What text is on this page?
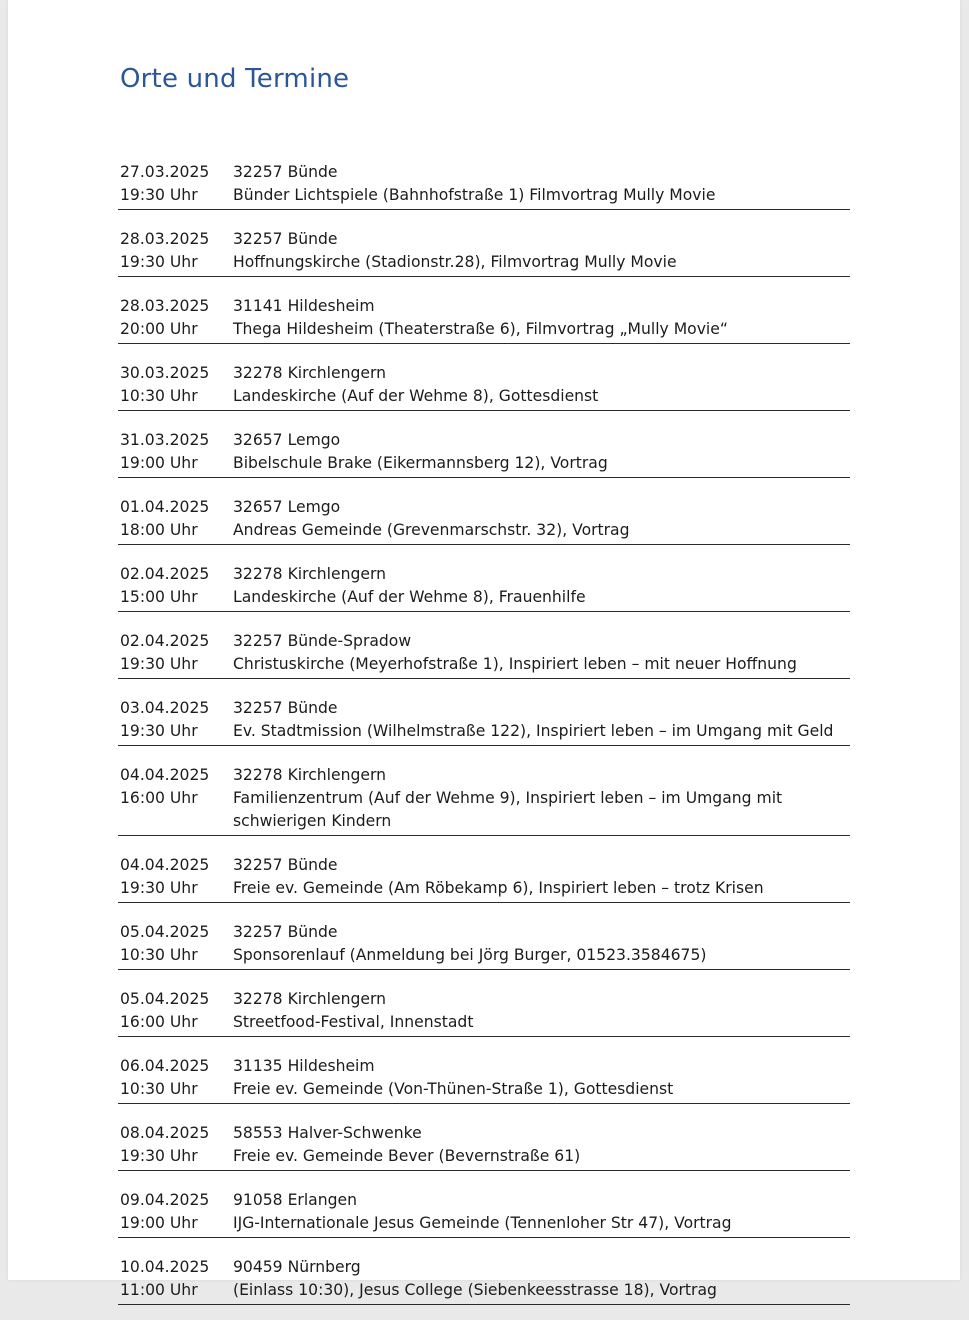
Orte und Termine
27.03.2025
19:30 Uhr
32257 Bünde
Bünder Lichtspiele (Bahnhofstraße 1) Filmvortrag Mully Movie
28.03.2025
19:30 Uhr
32257 Bünde
Hoffnungskirche (Stadionstr.28), Filmvortrag Mully Movie
28.03.2025
20:00 Uhr
31141 Hildesheim
Thega Hildesheim (Theaterstraße 6), Filmvortrag „Mully Movie“
30.03.2025
10:30 Uhr
32278 Kirchlengern
Landeskirche (Auf der Wehme 8), Gottesdienst
31.03.2025
19:00 Uhr
32657 Lemgo
Bibelschule Brake (Eikermannsberg 12), Vortrag
01.04.2025
18:00 Uhr
32657 Lemgo
Andreas Gemeinde (Grevenmarschstr. 32), Vortrag
02.04.2025
15:00 Uhr
32278 Kirchlengern
Landeskirche (Auf der Wehme 8), Frauenhilfe
02.04.2025
19:30 Uhr
32257 Bünde-Spradow
Christuskirche (Meyerhofstraße 1), Inspiriert leben – mit neuer Hoffnung
03.04.2025
19:30 Uhr
32257 Bünde
Ev. Stadtmission (Wilhelmstraße 122), Inspiriert leben – im Umgang mit Geld
04.04.2025
16:00 Uhr
32278 Kirchlengern
Familienzentrum (Auf der Wehme 9), Inspiriert leben – im Umgang mit schwierigen Kindern
04.04.2025
19:30 Uhr
32257 Bünde
Freie ev. Gemeinde (Am Röbekamp 6), Inspiriert leben – trotz Krisen
05.04.2025
10:30 Uhr
32257 Bünde
Sponsorenlauf (Anmeldung bei Jörg Burger, 01523.3584675)
05.04.2025
16:00 Uhr
32278 Kirchlengern
Streetfood-Festival, Innenstadt
06.04.2025
10:30 Uhr
31135 Hildesheim
Freie ev. Gemeinde (Von-Thünen-Straße 1), Gottesdienst
08.04.2025
19:30 Uhr
58553 Halver-Schwenke
Freie ev. Gemeinde Bever (Bevernstraße 61)
09.04.2025
19:00 Uhr
91058 Erlangen
IJG-Internationale Jesus Gemeinde (Tennenloher Str 47), Vortrag
10.04.2025
11:00 Uhr
90459 Nürnberg
(Einlass 10:30), Jesus College (Siebenkeesstrasse 18), Vortrag
